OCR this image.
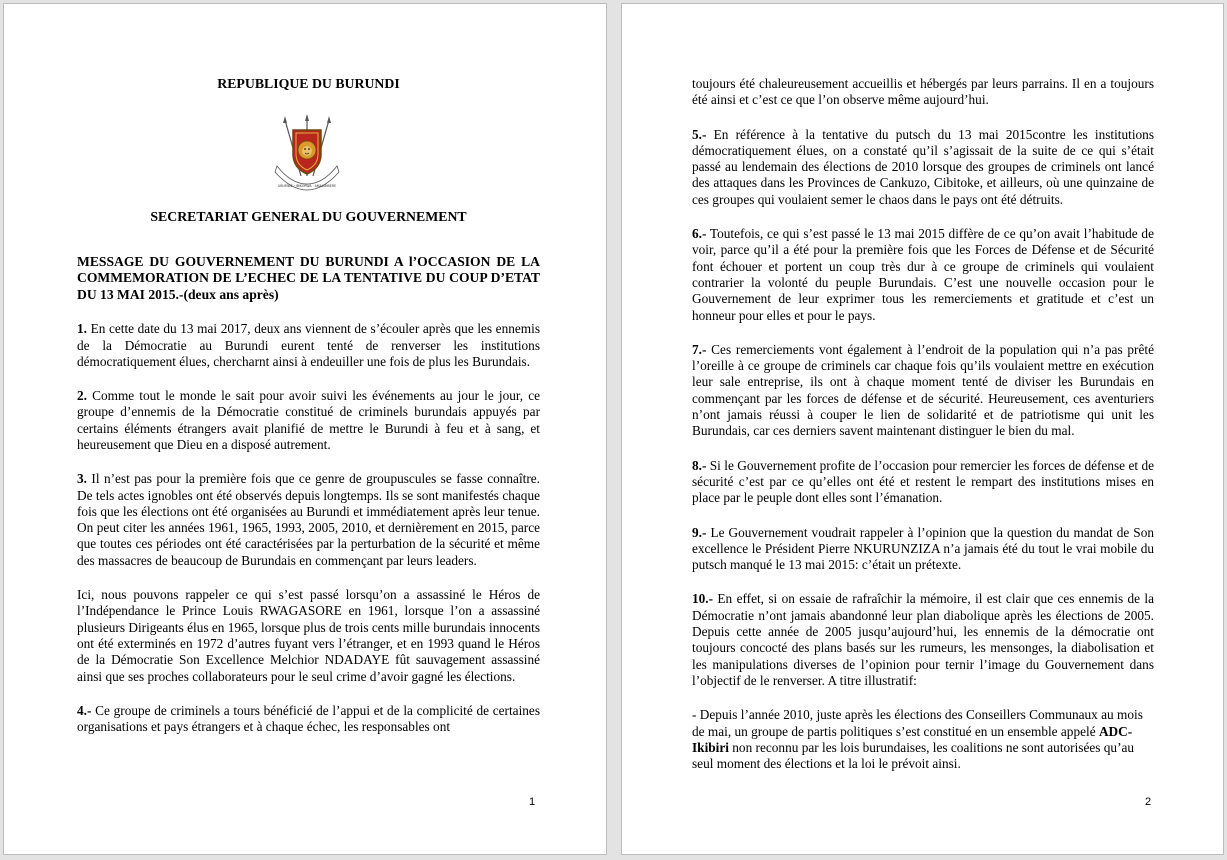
REPUBLIQUE DU BURUNDI
UBUMWE · IBIKORWA · AMAJAMBERE
SECRETARIAT GENERAL DU GOUVERNEMENT
MESSAGE DU GOUVERNEMENT DU BURUNDI A l’OCCASION DE LA COMMEMORATION DE L’ECHEC DE LA TENTATIVE DU COUP D’ETAT DU 13 MAI 2015.-(deux ans après)

1. En cette date du 13 mai 2017, deux ans viennent de s’écouler après que les ennemis de la Démocratie au Burundi eurent tenté de renverser les institutions démocratiquement élues, chercharnt ainsi à endeuiller une fois de plus les Burundais.

2. Comme tout le monde le sait pour avoir suivi les événements au jour le jour, ce groupe d’ennemis de la Démocratie constitué de criminels burundais appuyés par certains éléments étrangers avait planifié de mettre le Burundi à feu et à sang, et heureusement que Dieu en a disposé autrement.

3. Il n’est pas pour la première fois que ce genre de groupuscules se fasse connaître. De tels actes ignobles ont été observés depuis longtemps. Ils se sont manifestés chaque fois que les élections ont été organisées au Burundi et immédiatement après leur tenue. On peut citer les années 1961, 1965, 1993, 2005, 2010, et dernièrement en 2015, parce que toutes ces périodes ont été caractérisées par la perturbation de la sécurité et même des massacres de beaucoup de Burundais en commençant par leurs leaders.

Ici, nous pouvons rappeler ce qui s’est passé lorsqu’on a assassiné le Héros de l’Indépendance le Prince Louis RWAGASORE en 1961, lorsque l’on a assassiné plusieurs Dirigeants élus en 1965, lorsque plus de trois cents mille burundais innocents ont été exterminés en 1972 d’autres fuyant vers l’étranger, et en 1993 quand le Héros de la Démocratie Son Excellence Melchior NDADAYE fût sauvagement assassiné ainsi que ses proches collaborateurs pour le seul crime d’avoir gagné les élections.

4.- Ce groupe de criminels a tours bénéficié de l’appui et de la complicité de certaines organisations et pays étrangers et à chaque échec, les responsables ont

1

toujours été chaleureusement accueillis et hébergés par leurs parrains. Il en a toujours été ainsi et c’est ce que l’on observe même aujourd’hui.

5.- En référence à la tentative du putsch du 13 mai 2015contre les institutions démocratiquement élues, on a constaté qu’il s’agissait de la suite de ce qui s’était passé au lendemain des élections de 2010 lorsque des groupes de criminels ont lancé des attaques dans les Provinces de Cankuzo, Cibitoke, et ailleurs, où une quinzaine de ces groupes qui voulaient semer le chaos dans le pays ont été détruits.

6.- Toutefois, ce qui s’est passé le 13 mai 2015 diffère de ce qu’on avait l’habitude de voir, parce qu’il a été pour la première fois que les Forces de Défense et de Sécurité font échouer et portent un coup très dur à ce groupe de criminels qui voulaient contrarier la volonté du peuple Burundais. C’est une nouvelle occasion pour le Gouvernement de leur exprimer tous les remerciements et gratitude et c’est un honneur pour elles et pour le pays.

7.- Ces remerciements vont également à l’endroit de la population qui n’a pas prêté l’oreille à ce groupe de criminels car chaque fois qu’ils voulaient mettre en exécution leur sale entreprise, ils ont à chaque moment tenté de diviser les Burundais en commençant par les forces de défense et de sécurité. Heureusement, ces aventuriers n’ont jamais réussi à couper le lien de solidarité et de patriotisme qui unit les Burundais, car ces derniers savent maintenant distinguer le bien du mal.

8.- Si le Gouvernement profite de l’occasion pour remercier les forces de défense et de sécurité c’est par ce qu’elles ont été et restent le rempart des institutions mises en place par le peuple dont elles sont l’émanation.

9.- Le Gouvernement voudrait rappeler à l’opinion que la question du mandat de Son excellence le Président Pierre NKURUNZIZA n’a jamais été du tout le vrai mobile du putsch manqué le 13 mai 2015: c’était un prétexte.

10.- En effet, si on essaie de rafraîchir la mémoire, il est clair que ces ennemis de la Démocratie n’ont jamais abandonné leur plan diabolique après les élections de 2005. Depuis cette année de 2005 jusqu’aujourd’hui, les ennemis de la démocratie ont toujours concocté des plans basés sur les rumeurs, les mensonges, la diabolisation et les manipulations diverses de l’opinion pour ternir l’image du Gouvernement dans l’objectif de le renverser. A titre illustratif:

- Depuis l’année 2010, juste après les élections des Conseillers Communaux au mois de mai, un groupe de partis politiques s’est constitué en un ensemble appelé ADC-Ikibiri non reconnu par les lois burundaises, les coalitions ne sont autorisées qu’au seul moment des élections et la loi le prévoit ainsi.

2
